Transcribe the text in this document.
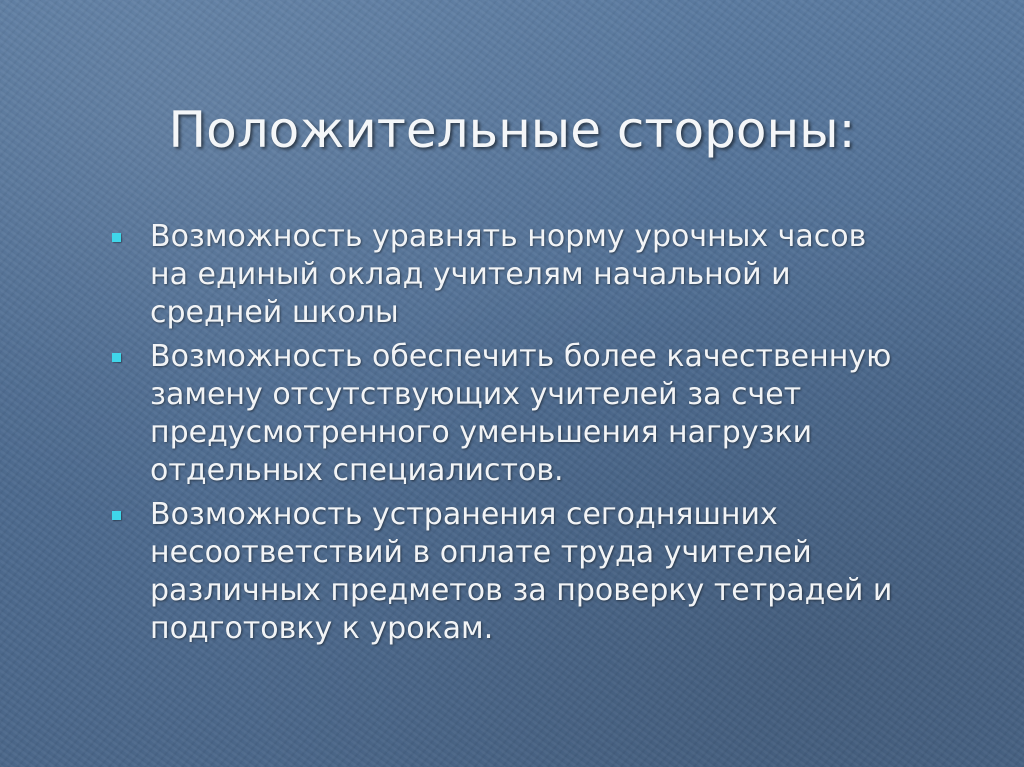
Положительные стороны:
Возможность уравнять норму урочных часов
на единый оклад учителям начальной и
средней школы
Возможность обеспечить более качественную
замену отсутствующих учителей за счет
предусмотренного уменьшения нагрузки
отдельных специалистов.
Возможность устранения сегодняшних
несоответствий в оплате труда учителей
различных предметов за проверку тетрадей и
подготовку к урокам.
